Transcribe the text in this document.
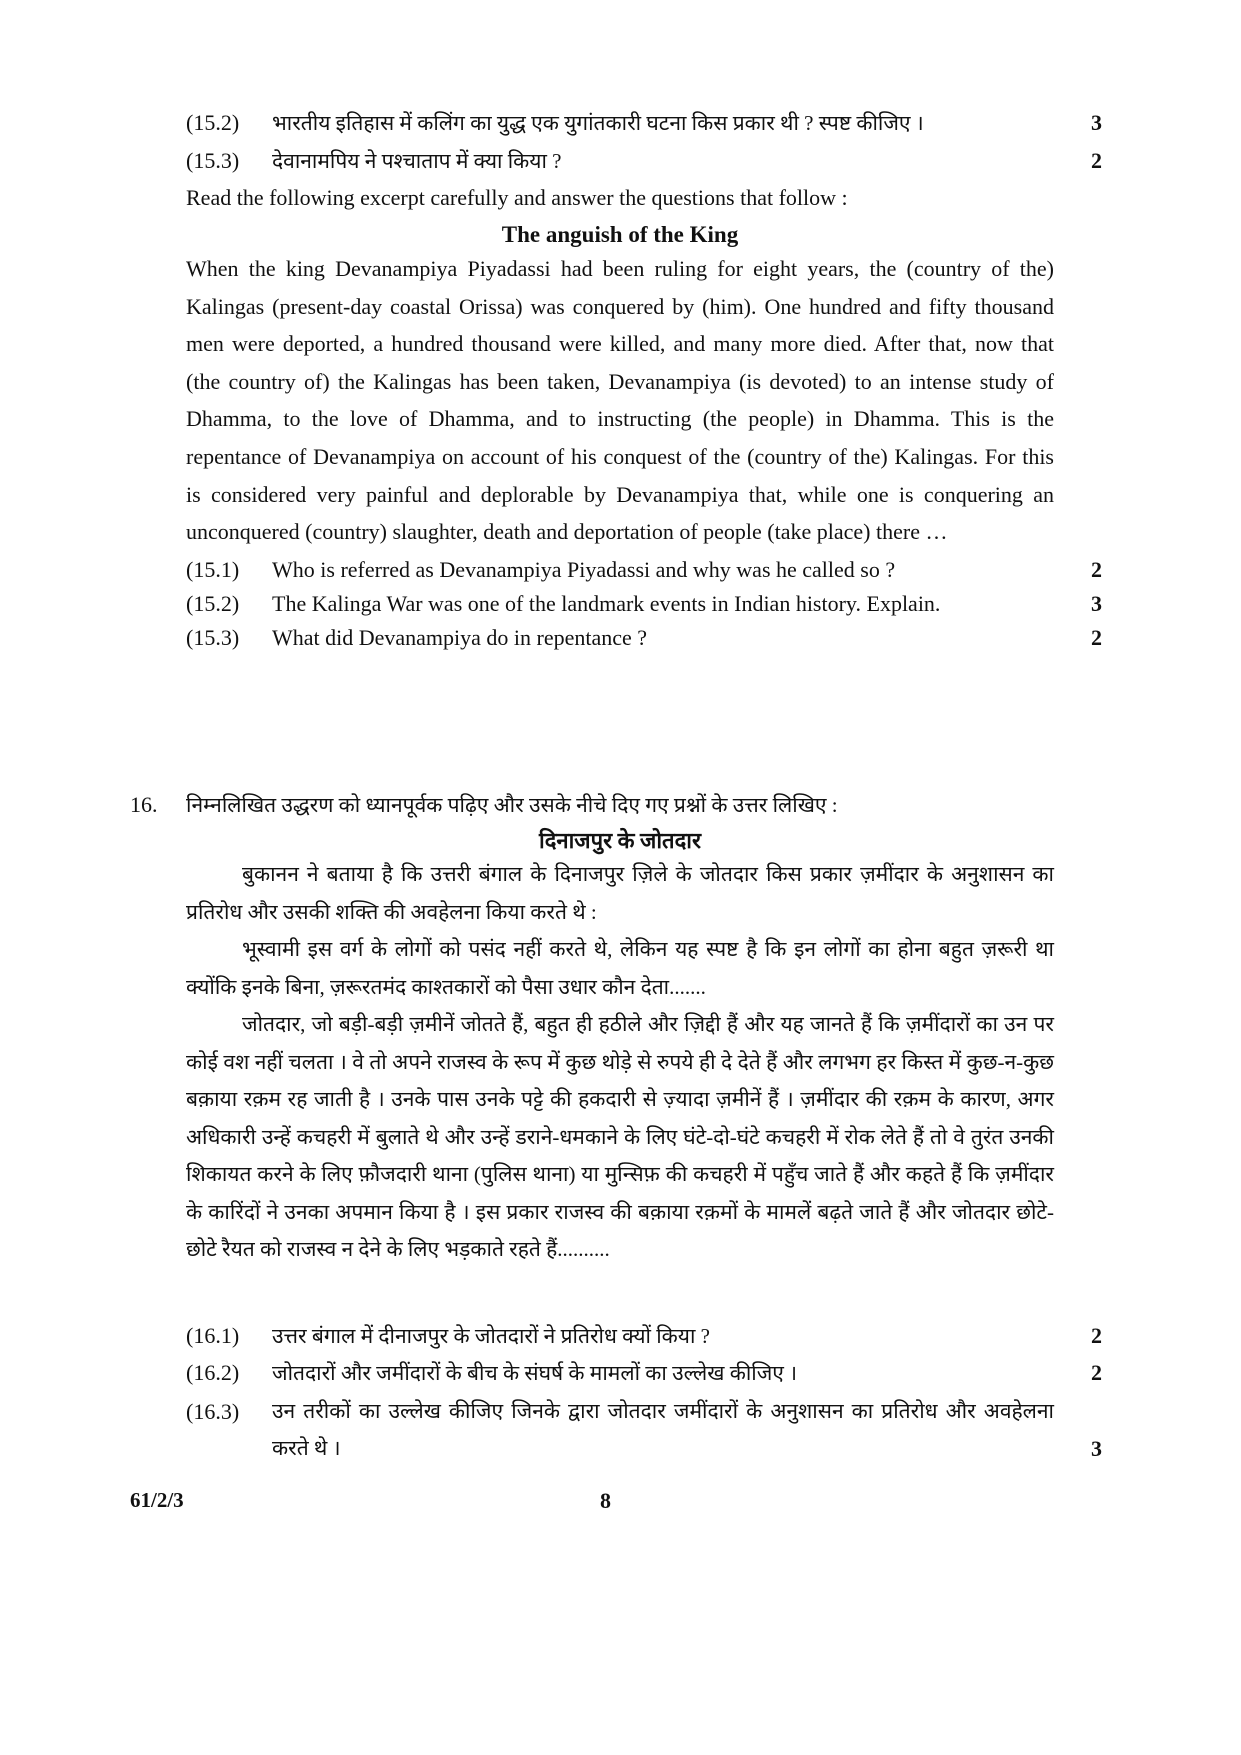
(15.2) भारतीय इतिहास में कलिंग का युद्ध एक युगांतकारी घटना किस प्रकार थी ? स्पष्ट कीजिए ।	3
(15.3) देवानामपिय ने पश्चाताप में क्या किया ?	2
Read the following excerpt carefully and answer the questions that follow :
The anguish of the King
When the king Devanampiya Piyadassi had been ruling for eight years, the (country of the) Kalingas (present-day coastal Orissa) was conquered by (him). One hundred and fifty thousand men were deported, a hundred thousand were killed, and many more died. After that, now that (the country of) the Kalingas has been taken, Devanampiya (is devoted) to an intense study of Dhamma, to the love of Dhamma, and to instructing (the people) in Dhamma. This is the repentance of Devanampiya on account of his conquest of the (country of the) Kalingas. For this is considered very painful and deplorable by Devanampiya that, while one is conquering an unconquered (country) slaughter, death and deportation of people (take place) there …
(15.1) Who is referred as Devanampiya Piyadassi and why was he called so ?	2
(15.2) The Kalinga War was one of the landmark events in Indian history. Explain.	3
(15.3) What did Devanampiya do in repentance ?	2
16. निम्नलिखित उद्धरण को ध्यानपूर्वक पढ़िए और उसके नीचे दिए गए प्रश्नों के उत्तर लिखिए :
दिनाजपुर के जोतदार
बुकानन ने बताया है कि उत्तरी बंगाल के दिनाजपुर ज़िले के जोतदार किस प्रकार ज़मींदार के अनुशासन का प्रतिरोध और उसकी शक्ति की अवहेलना किया करते थे :
भूस्वामी इस वर्ग के लोगों को पसंद नहीं करते थे, लेकिन यह स्पष्ट है कि इन लोगों का होना बहुत ज़रूरी था क्योंकि इनके बिना, ज़रूरतमंद काश्तकारों को पैसा उधार कौन देता.......
जोतदार, जो बड़ी-बड़ी ज़मीनें जोतते हैं, बहुत ही हठीले और ज़िद्दी हैं और यह जानते हैं कि ज़मींदारों का उन पर कोई वश नहीं चलता । वे तो अपने राजस्व के रूप में कुछ थोड़े से रुपये ही दे देते हैं और लगभग हर किस्त में कुछ-न-कुछ बक़ाया रक़म रह जाती है । उनके पास उनके पट्टे की हकदारी से ज़्यादा ज़मीनें हैं । ज़मींदार की रक़म के कारण, अगर अधिकारी उन्हें कचहरी में बुलाते थे और उन्हें डराने-धमकाने के लिए घंटे-दो-घंटे कचहरी में रोक लेते हैं तो वे तुरंत उनकी शिकायत करने के लिए फ़ौजदारी थाना (पुलिस थाना) या मुन्सिफ़ की कचहरी में पहुँच जाते हैं और कहते हैं कि ज़मींदार के कारिंदों ने उनका अपमान किया है । इस प्रकार राजस्व की बक़ाया रक़मों के मामलें बढ़ते जाते हैं और जोतदार छोटे-छोटे रैयत को राजस्व न देने के लिए भड़काते रहते हैं..........
(16.1) उत्तर बंगाल में दीनाजपुर के जोतदारों ने प्रतिरोध क्यों किया ?	2
(16.2) जोतदारों और जमींदारों के बीच के संघर्ष के मामलों का उल्लेख कीजिए ।	2
(16.3) उन तरीकों का उल्लेख कीजिए जिनके द्वारा जोतदार जमींदारों के अनुशासन का प्रतिरोध और अवहेलना करते थे ।	3
61/2/3	8
